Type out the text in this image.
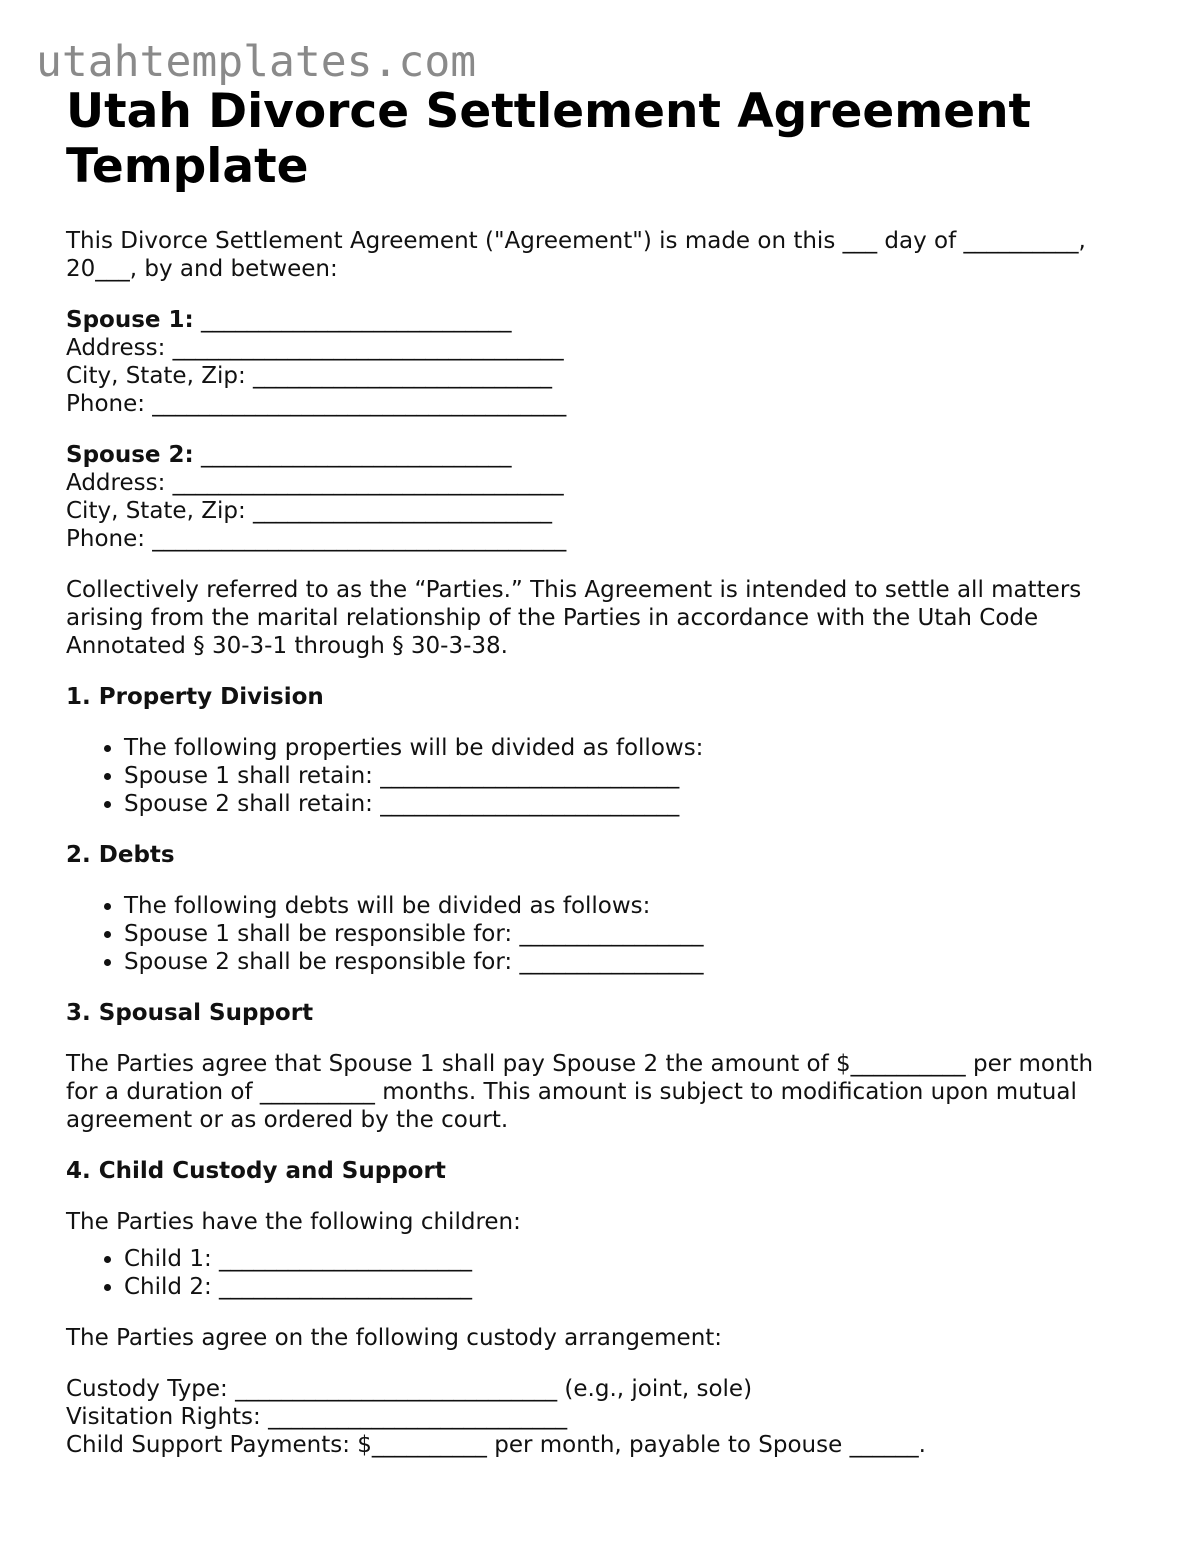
utahtemplates.com
Utah Divorce Settlement Agreement Template

This Divorce Settlement Agreement ("Agreement") is made on this ___ day of __________,

20___, by and between:

Spouse 1: ___________________________
Address: __________________________________
City, State, Zip: __________________________
Phone: ____________________________________
Spouse 2: ___________________________
Address: __________________________________
City, State, Zip: __________________________
Phone: ____________________________________

Collectively referred to as the “Parties.” This Agreement is intended to settle all matters

arising from the marital relationship of the Parties in accordance with the Utah Code

Annotated § 30-3-1 through § 30-3-38.

1. Property Division
• The following properties will be divided as follows:
• Spouse 1 shall retain: __________________________
• Spouse 2 shall retain: __________________________
2. Debts
• The following debts will be divided as follows:
• Spouse 1 shall be responsible for: ________________
• Spouse 2 shall be responsible for: ________________
3. Spousal Support

The Parties agree that Spouse 1 shall pay Spouse 2 the amount of $__________ per month

for a duration of __________ months. This amount is subject to modification upon mutual

agreement or as ordered by the court.

4. Child Custody and Support

The Parties have the following children:

• Child 1: ______________________
• Child 2: ______________________

The Parties agree on the following custody arrangement:

Custody Type: ____________________________ (e.g., joint, sole)
Visitation Rights: __________________________
Child Support Payments: $__________ per month, payable to Spouse ______.
